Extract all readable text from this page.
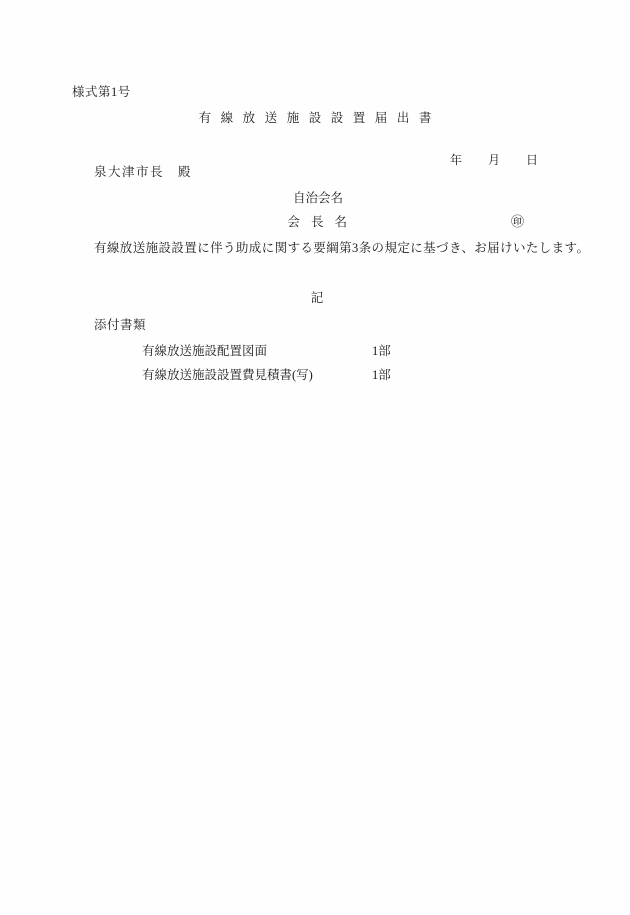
様式第1号
有 線 放 送 施 設 設 置 届 出 書

年 月 日

泉大津市長　殿
自治会名
会  長  名	㊞
有線放送施設設置に伴う助成に関する要綱第3条の規定に基づき、お届けいたします。
記
添付書類
有線放送施設配置図面	1部
有線放送施設設置費見積書(写)	1部
